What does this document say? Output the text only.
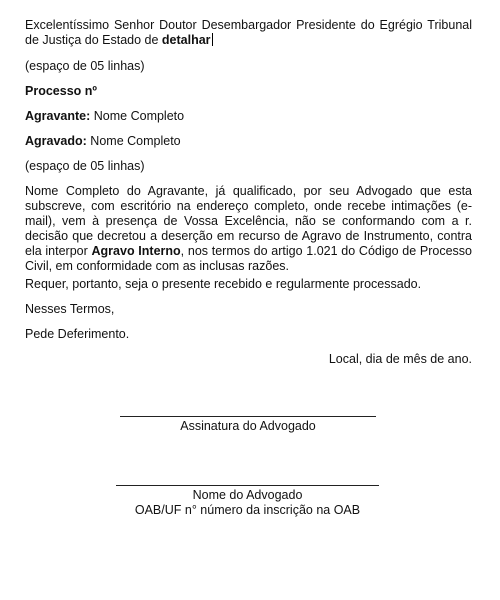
Excelentíssimo Senhor Doutor Desembargador Presidente do Egrégio Tribunal de Justiça do Estado de detalhar

(espaço de 05 linhas)

Processo nº

Agravante: Nome Completo

Agravado: Nome Completo

(espaço de 05 linhas)

Nome Completo do Agravante, já qualificado, por seu Advogado que esta subscreve, com escritório na endereço completo, onde recebe intimações (e-mail), vem à presença de Vossa Excelência, não se conformando com a r. decisão que decretou a deserção em recurso de Agravo de Instrumento, contra ela interpor Agravo Interno, nos termos do artigo 1.021 do Código de Processo Civil, em conformidade com as inclusas razões.

Requer, portanto, seja o presente recebido e regularmente processado.

Nesses Termos,

Pede Deferimento.

Local, dia de mês de ano.

Assinatura do Advogado
Nome do Advogado
OAB/UF n° número da inscrição na OAB
